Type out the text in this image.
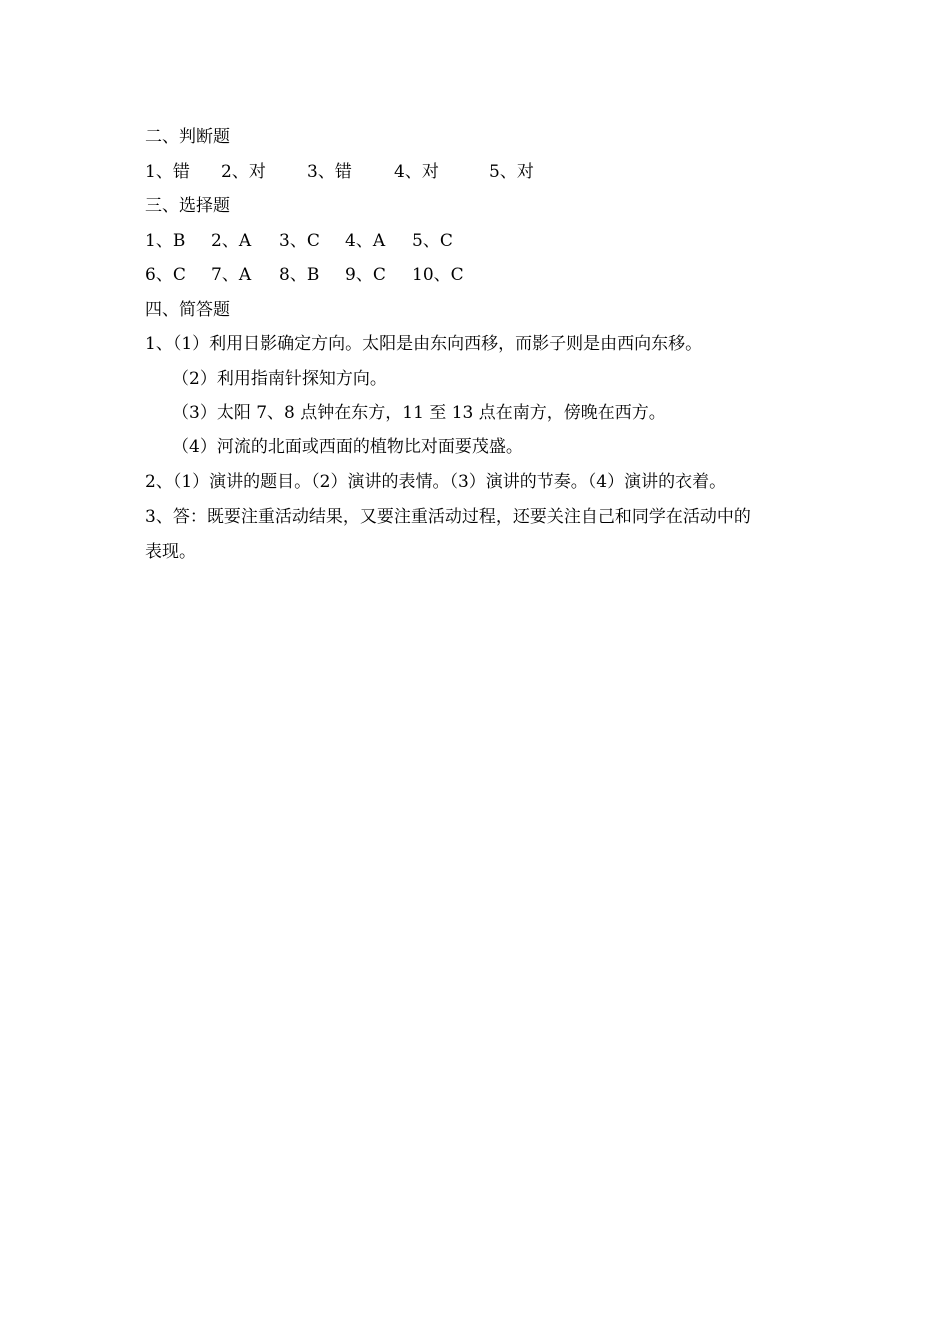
二、判断题
1、错 2、对 3、错 4、对	5、对
三、选择题
1、B 2、A 3、C 4、A 5、C
6、C 7、A 8、B 9、C 10、C
四、简答题
1、（1）利用日影确定方向。太阳是由东向西移，而影子则是由西向东移。
（2）利用指南针探知方向。
（3）太阳 7、8 点钟在东方，11 至 13 点在南方，傍晚在西方。
（4）河流的北面或西面的植物比对面要茂盛。
2、（1）演讲的题目。（2）演讲的表情。（3）演讲的节奏。（4）演讲的衣着。
3、答：既要注重活动结果，又要注重活动过程，还要关注自己和同学在活动中的
表现。
